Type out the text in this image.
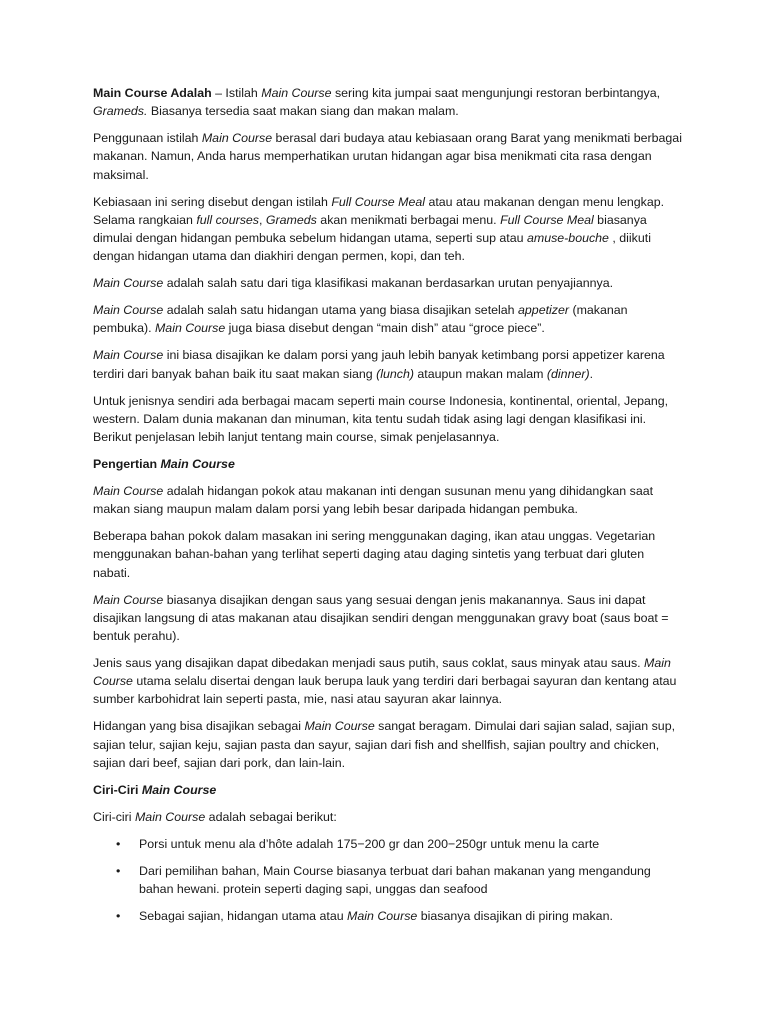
Main Course Adalah – Istilah Main Course sering kita jumpai saat mengunjungi restoran berbintangya, Grameds. Biasanya tersedia saat makan siang dan makan malam.

Penggunaan istilah Main Course berasal dari budaya atau kebiasaan orang Barat yang menikmati berbagai makanan. Namun, Anda harus memperhatikan urutan hidangan agar bisa menikmati cita rasa dengan maksimal.

Kebiasaan ini sering disebut dengan istilah Full Course Meal atau atau makanan dengan menu lengkap. Selama rangkaian full courses, Grameds akan menikmati berbagai menu. Full Course Meal biasanya dimulai dengan hidangan pembuka sebelum hidangan utama, seperti sup atau amuse-bouche , diikuti dengan hidangan utama dan diakhiri dengan permen, kopi, dan teh.

Main Course adalah salah satu dari tiga klasifikasi makanan berdasarkan urutan penyajiannya.

Main Course adalah salah satu hidangan utama yang biasa disajikan setelah appetizer (makanan pembuka). Main Course juga biasa disebut dengan “main dish” atau “groce piece”.

Main Course ini biasa disajikan ke dalam porsi yang jauh lebih banyak ketimbang porsi appetizer karena terdiri dari banyak bahan baik itu saat makan siang (lunch) ataupun makan malam (dinner).

Untuk jenisnya sendiri ada berbagai macam seperti main course Indonesia, kontinental, oriental, Jepang, western. Dalam dunia makanan dan minuman, kita tentu sudah tidak asing lagi dengan klasifikasi ini. Berikut penjelasan lebih lanjut tentang main course, simak penjelasannya.

Pengertian Main Course

Main Course adalah hidangan pokok atau makanan inti dengan susunan menu yang dihidangkan saat makan siang maupun malam dalam porsi yang lebih besar daripada hidangan pembuka.

Beberapa bahan pokok dalam masakan ini sering menggunakan daging, ikan atau unggas. Vegetarian menggunakan bahan-bahan yang terlihat seperti daging atau daging sintetis yang terbuat dari gluten nabati.

Main Course biasanya disajikan dengan saus yang sesuai dengan jenis makanannya. Saus ini dapat disajikan langsung di atas makanan atau disajikan sendiri dengan menggunakan gravy boat (saus boat = bentuk perahu).

Jenis saus yang disajikan dapat dibedakan menjadi saus putih, saus coklat, saus minyak atau saus. Main Course utama selalu disertai dengan lauk berupa lauk yang terdiri dari berbagai sayuran dan kentang atau sumber karbohidrat lain seperti pasta, mie, nasi atau sayuran akar lainnya.

Hidangan yang bisa disajikan sebagai Main Course sangat beragam. Dimulai dari sajian salad, sajian sup, sajian telur, sajian keju, sajian pasta dan sayur, sajian dari fish and shellfish, sajian poultry and chicken, sajian dari beef, sajian dari pork, dan lain-lain.

Ciri-Ciri Main Course

Ciri-ciri Main Course adalah sebagai berikut:

• Porsi untuk menu ala d’hôte adalah 175−200 gr dan 200−250gr untuk menu la carte
• Dari pemilihan bahan, Main Course biasanya terbuat dari bahan makanan yang mengandung bahan hewani. protein seperti daging sapi, unggas dan seafood
• Sebagai sajian, hidangan utama atau Main Course biasanya disajikan di piring makan.
